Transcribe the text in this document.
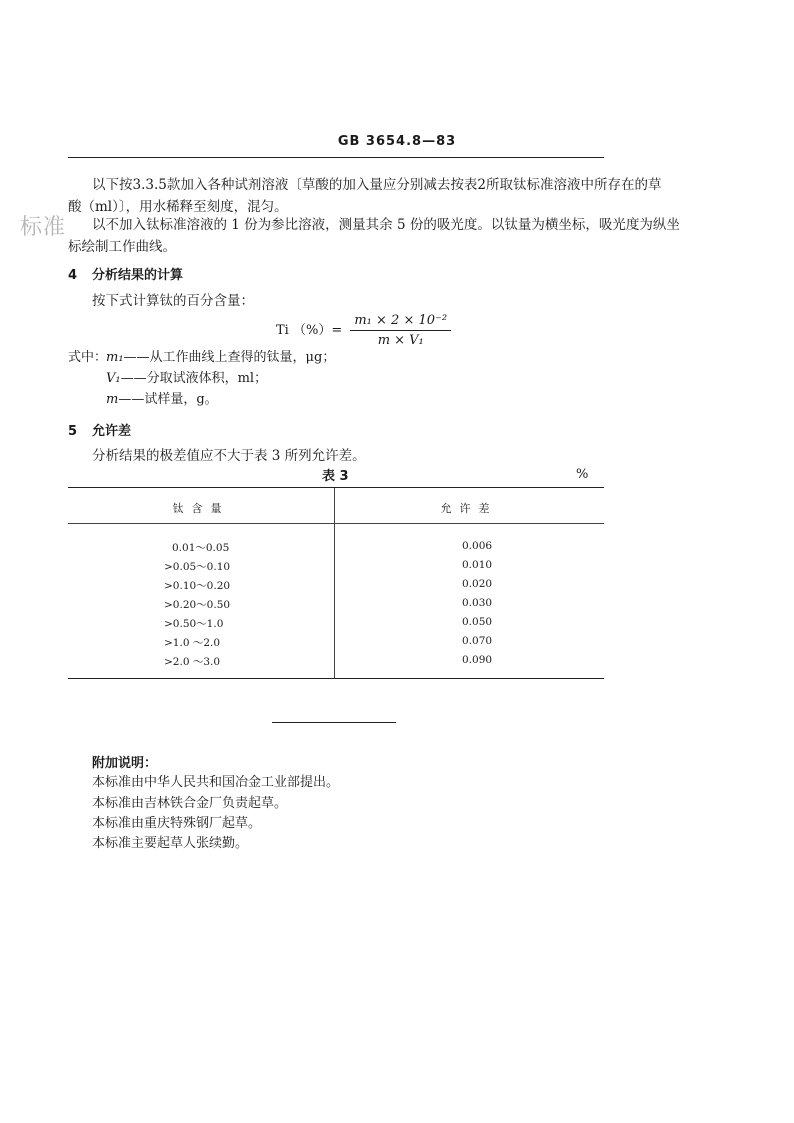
GB 3654.8—83
标准
以下按3.3.5款加入各种试剂溶液〔草酸的加入量应分别减去按表2所取钛标准溶液中所存在的草
酸（ml）〕，用水稀释至刻度，混匀。
以不加入钛标准溶液的 1 份为参比溶液，测量其余 5 份的吸光度。以钛量为横坐标，吸光度为纵坐
标绘制工作曲线。
4 分析结果的计算
按下式计算钛的百分含量：
Ti （%）= $\frac{\text{m₁ × 2 × 10⁻²}}{\text{m × V₁}}$
式中：
m₁——从工作曲线上查得的钛量，μg；
V₁——分取试液体积，ml；
m——试样量，g。
5 允许差
分析结果的极差值应不大于表 3 所列允许差。
表 3	%
钛含量	允许差
0.01～0.05	0.006
>0.05～0.10	0.010
>0.10～0.20	0.020
>0.20～0.50	0.030
>0.50～1.0	0.050
>1.0 ～2.0	0.070
>2.0 ～3.0	0.090
附加说明：
本标准由中华人民共和国冶金工业部提出。
本标准由吉林铁合金厂负责起草。
本标准由重庆特殊钢厂起草。
本标准主要起草人张续勤。
